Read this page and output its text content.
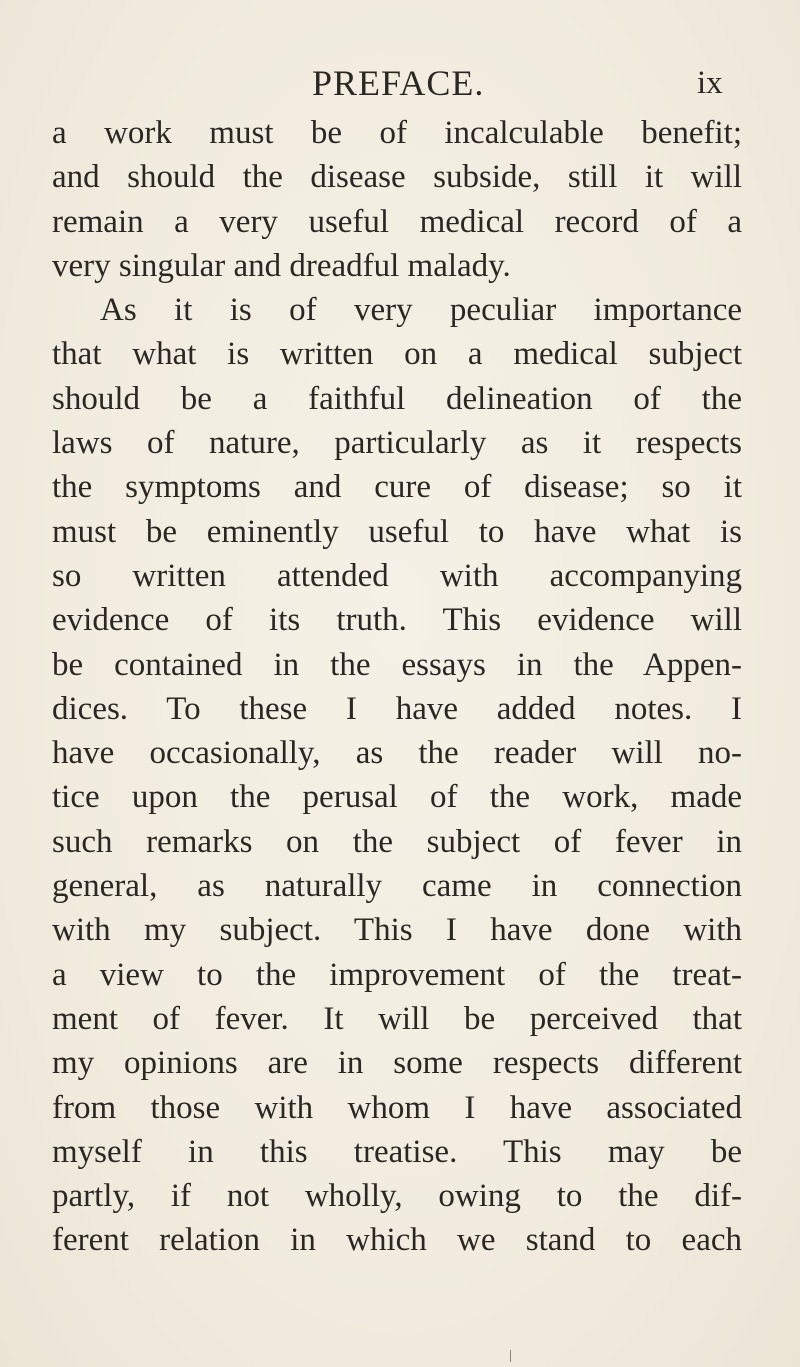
PREFACE.	ix
a work must be of incalculable benefit;
and should the disease subside, still it will
remain a very useful medical record of a
very singular and dreadful malady.
As it is of very peculiar importance
that what is written on a medical subject
should be a faithful delineation of the
laws of nature, particularly as it respects
the symptoms and cure of disease; so it
must be eminently useful to have what is
so written attended with accompanying
evidence of its truth. This evidence will
be contained in the essays in the Appen-
dices. To these I have added notes. I
have occasionally, as the reader will no-
tice upon the perusal of the work, made
such remarks on the subject of fever in
general, as naturally came in connection
with my subject. This I have done with
a view to the improvement of the treat-
ment of fever. It will be perceived that
my opinions are in some respects different
from those with whom I have associated
myself in this treatise. This may be
partly, if not wholly, owing to the dif-
ferent relation in which we stand to each
